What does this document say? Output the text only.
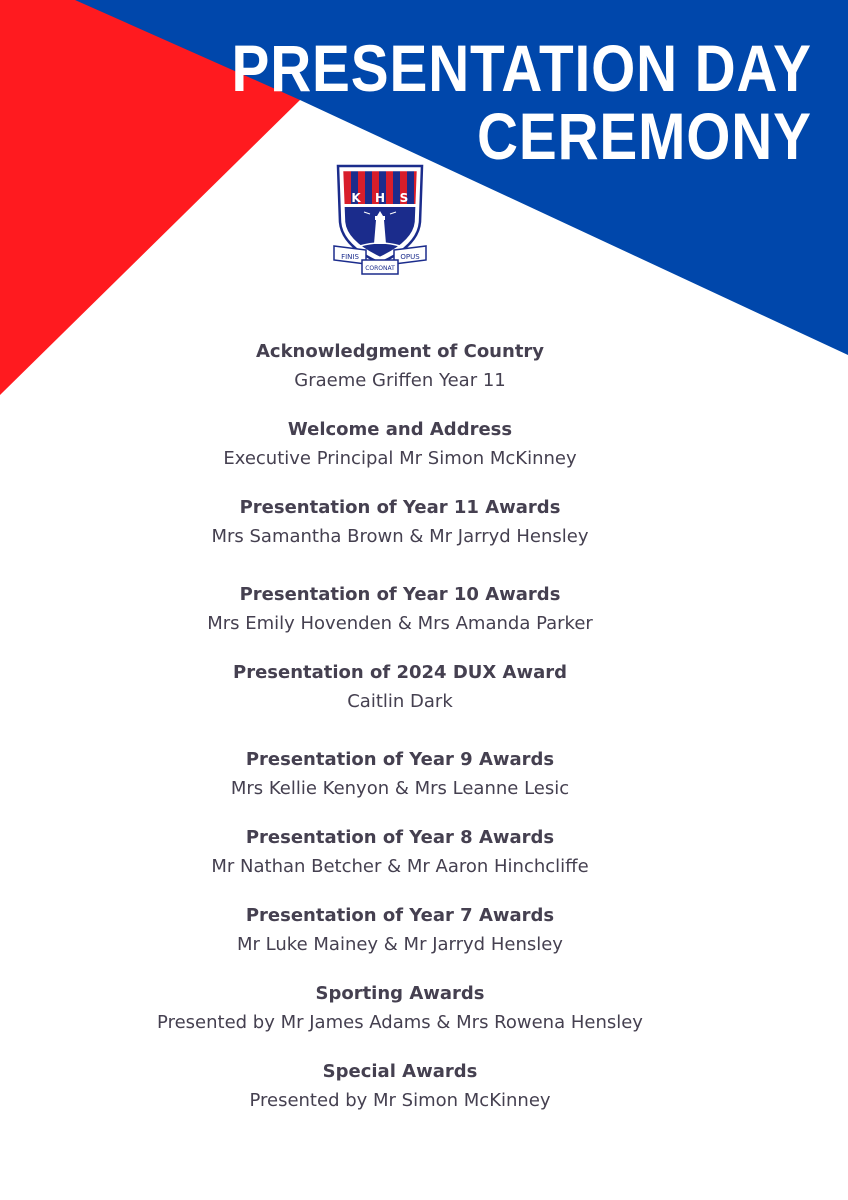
PRESENTATION DAY
CEREMONY
K H S
FINIS
CORONAT
OPUS
Acknowledgment of Country
Graeme Griffen Year 11
Welcome and Address
Executive Principal Mr Simon McKinney
Presentation of Year 11 Awards
Mrs Samantha Brown & Mr Jarryd Hensley
Presentation of Year 10 Awards
Mrs Emily Hovenden & Mrs Amanda Parker
Presentation of 2024 DUX Award
Caitlin Dark
Presentation of Year 9 Awards
Mrs Kellie Kenyon & Mrs Leanne Lesic
Presentation of Year 8 Awards
Mr Nathan Betcher & Mr Aaron Hinchcliffe
Presentation of Year 7 Awards
Mr Luke Mainey & Mr Jarryd Hensley
Sporting Awards
Presented by Mr James Adams & Mrs Rowena Hensley
Special Awards
Presented by Mr Simon McKinney
